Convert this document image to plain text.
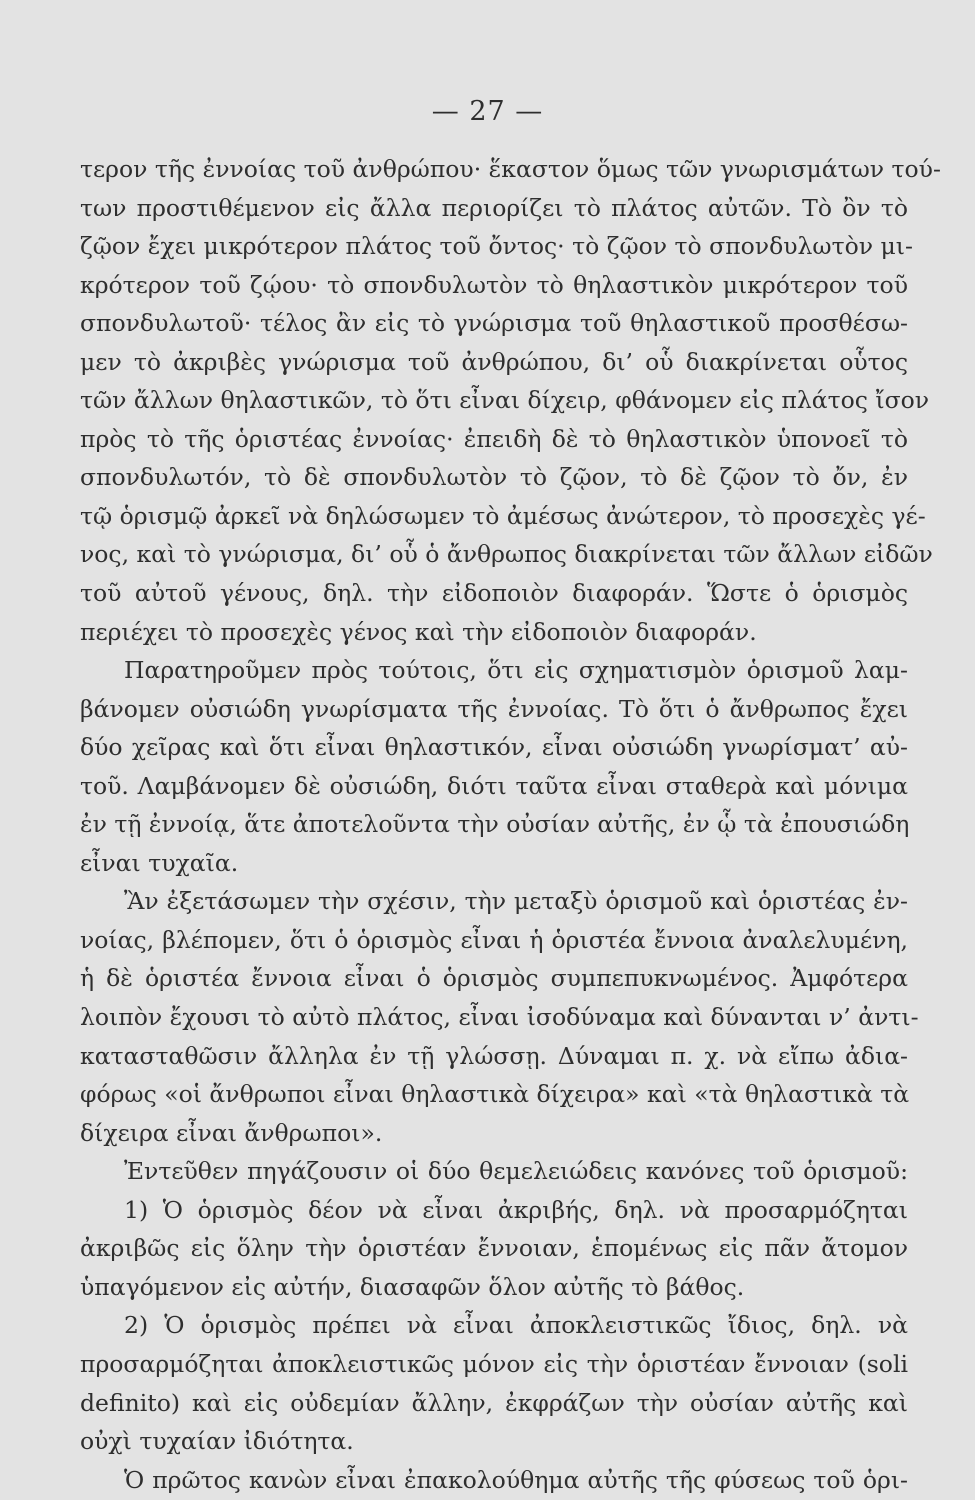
— 27 —
τερον τῆς ἐννοίας τοῦ ἀνθρώπου· ἕκαστον ὅμως τῶν γνωρισμάτων τού-
των προστιθέμενον εἰς ἄλλα περιορίζει τὸ πλάτος αὐτῶν. Τὸ ὂν τὸ
ζῷον ἔχει μικρότερον πλάτος τοῦ ὄντος· τὸ ζῷον τὸ σπονδυλωτὸν μι-
κρότερον τοῦ ζῴου· τὸ σπονδυλωτὸν τὸ θηλαστικὸν μικρότερον τοῦ
σπονδυλωτοῦ· τέλος ἂν εἰς τὸ γνώρισμα τοῦ θηλαστικοῦ προσθέσω-
μεν τὸ ἀκριβὲς γνώρισμα τοῦ ἀνθρώπου, δι’ οὗ διακρίνεται οὗτος
τῶν ἄλλων θηλαστικῶν, τὸ ὅτι εἶναι δίχειρ, φθάνομεν εἰς πλάτος ἴσον
πρὸς τὸ τῆς ὁριστέας ἐννοίας· ἐπειδὴ δὲ τὸ θηλαστικὸν ὑπονοεῖ τὸ
σπονδυλωτόν, τὸ δὲ σπονδυλωτὸν τὸ ζῷον, τὸ δὲ ζῷον τὸ ὄν, ἐν
τῷ ὁρισμῷ ἀρκεῖ νὰ δηλώσωμεν τὸ ἀμέσως ἀνώτερον, τὸ προσεχὲς γέ-
νος, καὶ τὸ γνώρισμα, δι’ οὗ ὁ ἄνθρωπος διακρίνεται τῶν ἄλλων εἰδῶν
τοῦ αὐτοῦ γένους, δηλ. τὴν εἰδοποιὸν διαφοράν. Ὥστε ὁ ὁρισμὸς
περιέχει τὸ προσεχὲς γένος καὶ τὴν εἰδοποιὸν διαφοράν.
Παρατηροῦμεν πρὸς τούτοις, ὅτι εἰς σχηματισμὸν ὁρισμοῦ λαμ-
βάνομεν οὐσιώδη γνωρίσματα τῆς ἐννοίας. Τὸ ὅτι ὁ ἄνθρωπος ἔχει
δύο χεῖρας καὶ ὅτι εἶναι θηλαστικόν, εἶναι οὐσιώδη γνωρίσματ’ αὐ-
τοῦ. Λαμβάνομεν δὲ οὐσιώδη, διότι ταῦτα εἶναι σταθερὰ καὶ μόνιμα
ἐν τῇ ἐννοίᾳ, ἅτε ἀποτελοῦντα τὴν οὐσίαν αὐτῆς, ἐν ᾧ τὰ ἐπουσιώδη
εἶναι τυχαῖα.
Ἂν ἐξετάσωμεν τὴν σχέσιν, τὴν μεταξὺ ὁρισμοῦ καὶ ὁριστέας ἐν-
νοίας, βλέπομεν, ὅτι ὁ ὁρισμὸς εἶναι ἡ ὁριστέα ἔννοια ἀναλελυμένη,
ἡ δὲ ὁριστέα ἔννοια εἶναι ὁ ὁρισμὸς συμπεπυκνωμένος. Ἀμφότερα
λοιπὸν ἔχουσι τὸ αὐτὸ πλάτος, εἶναι ἰσοδύναμα καὶ δύνανται ν’ ἀντι-
κατασταθῶσιν ἄλληλα ἐν τῇ γλώσσῃ. Δύναμαι π. χ. νὰ εἴπω ἀδια-
φόρως «οἱ ἄνθρωποι εἶναι θηλαστικὰ δίχειρα» καὶ «τὰ θηλαστικὰ τὰ
δίχειρα εἶναι ἄνθρωποι».
Ἐντεῦθεν πηγάζουσιν οἱ δύο θεμελειώδεις κανόνες τοῦ ὁρισμοῦ:
1) Ὁ ὁρισμὸς δέον νὰ εἶναι ἀκριβής, δηλ. νὰ προσαρμόζηται
ἀκριβῶς εἰς ὅλην τὴν ὁριστέαν ἔννοιαν, ἑπομένως εἰς πᾶν ἄτομον
ὑπαγόμενον εἰς αὐτήν, διασαφῶν ὅλον αὐτῆς τὸ βάθος.
2) Ὁ ὁρισμὸς πρέπει νὰ εἶναι ἀποκλειστικῶς ἴδιος, δηλ. νὰ
προσαρμόζηται ἀποκλειστικῶς μόνον εἰς τὴν ὁριστέαν ἔννοιαν (soli
definito) καὶ εἰς οὐδεμίαν ἄλλην, ἐκφράζων τὴν οὐσίαν αὐτῆς καὶ
οὐχὶ τυχαίαν ἰδιότητα.
Ὁ πρῶτος κανὼν εἶναι ἐπακολούθημα αὐτῆς τῆς φύσεως τοῦ ὁρι-
